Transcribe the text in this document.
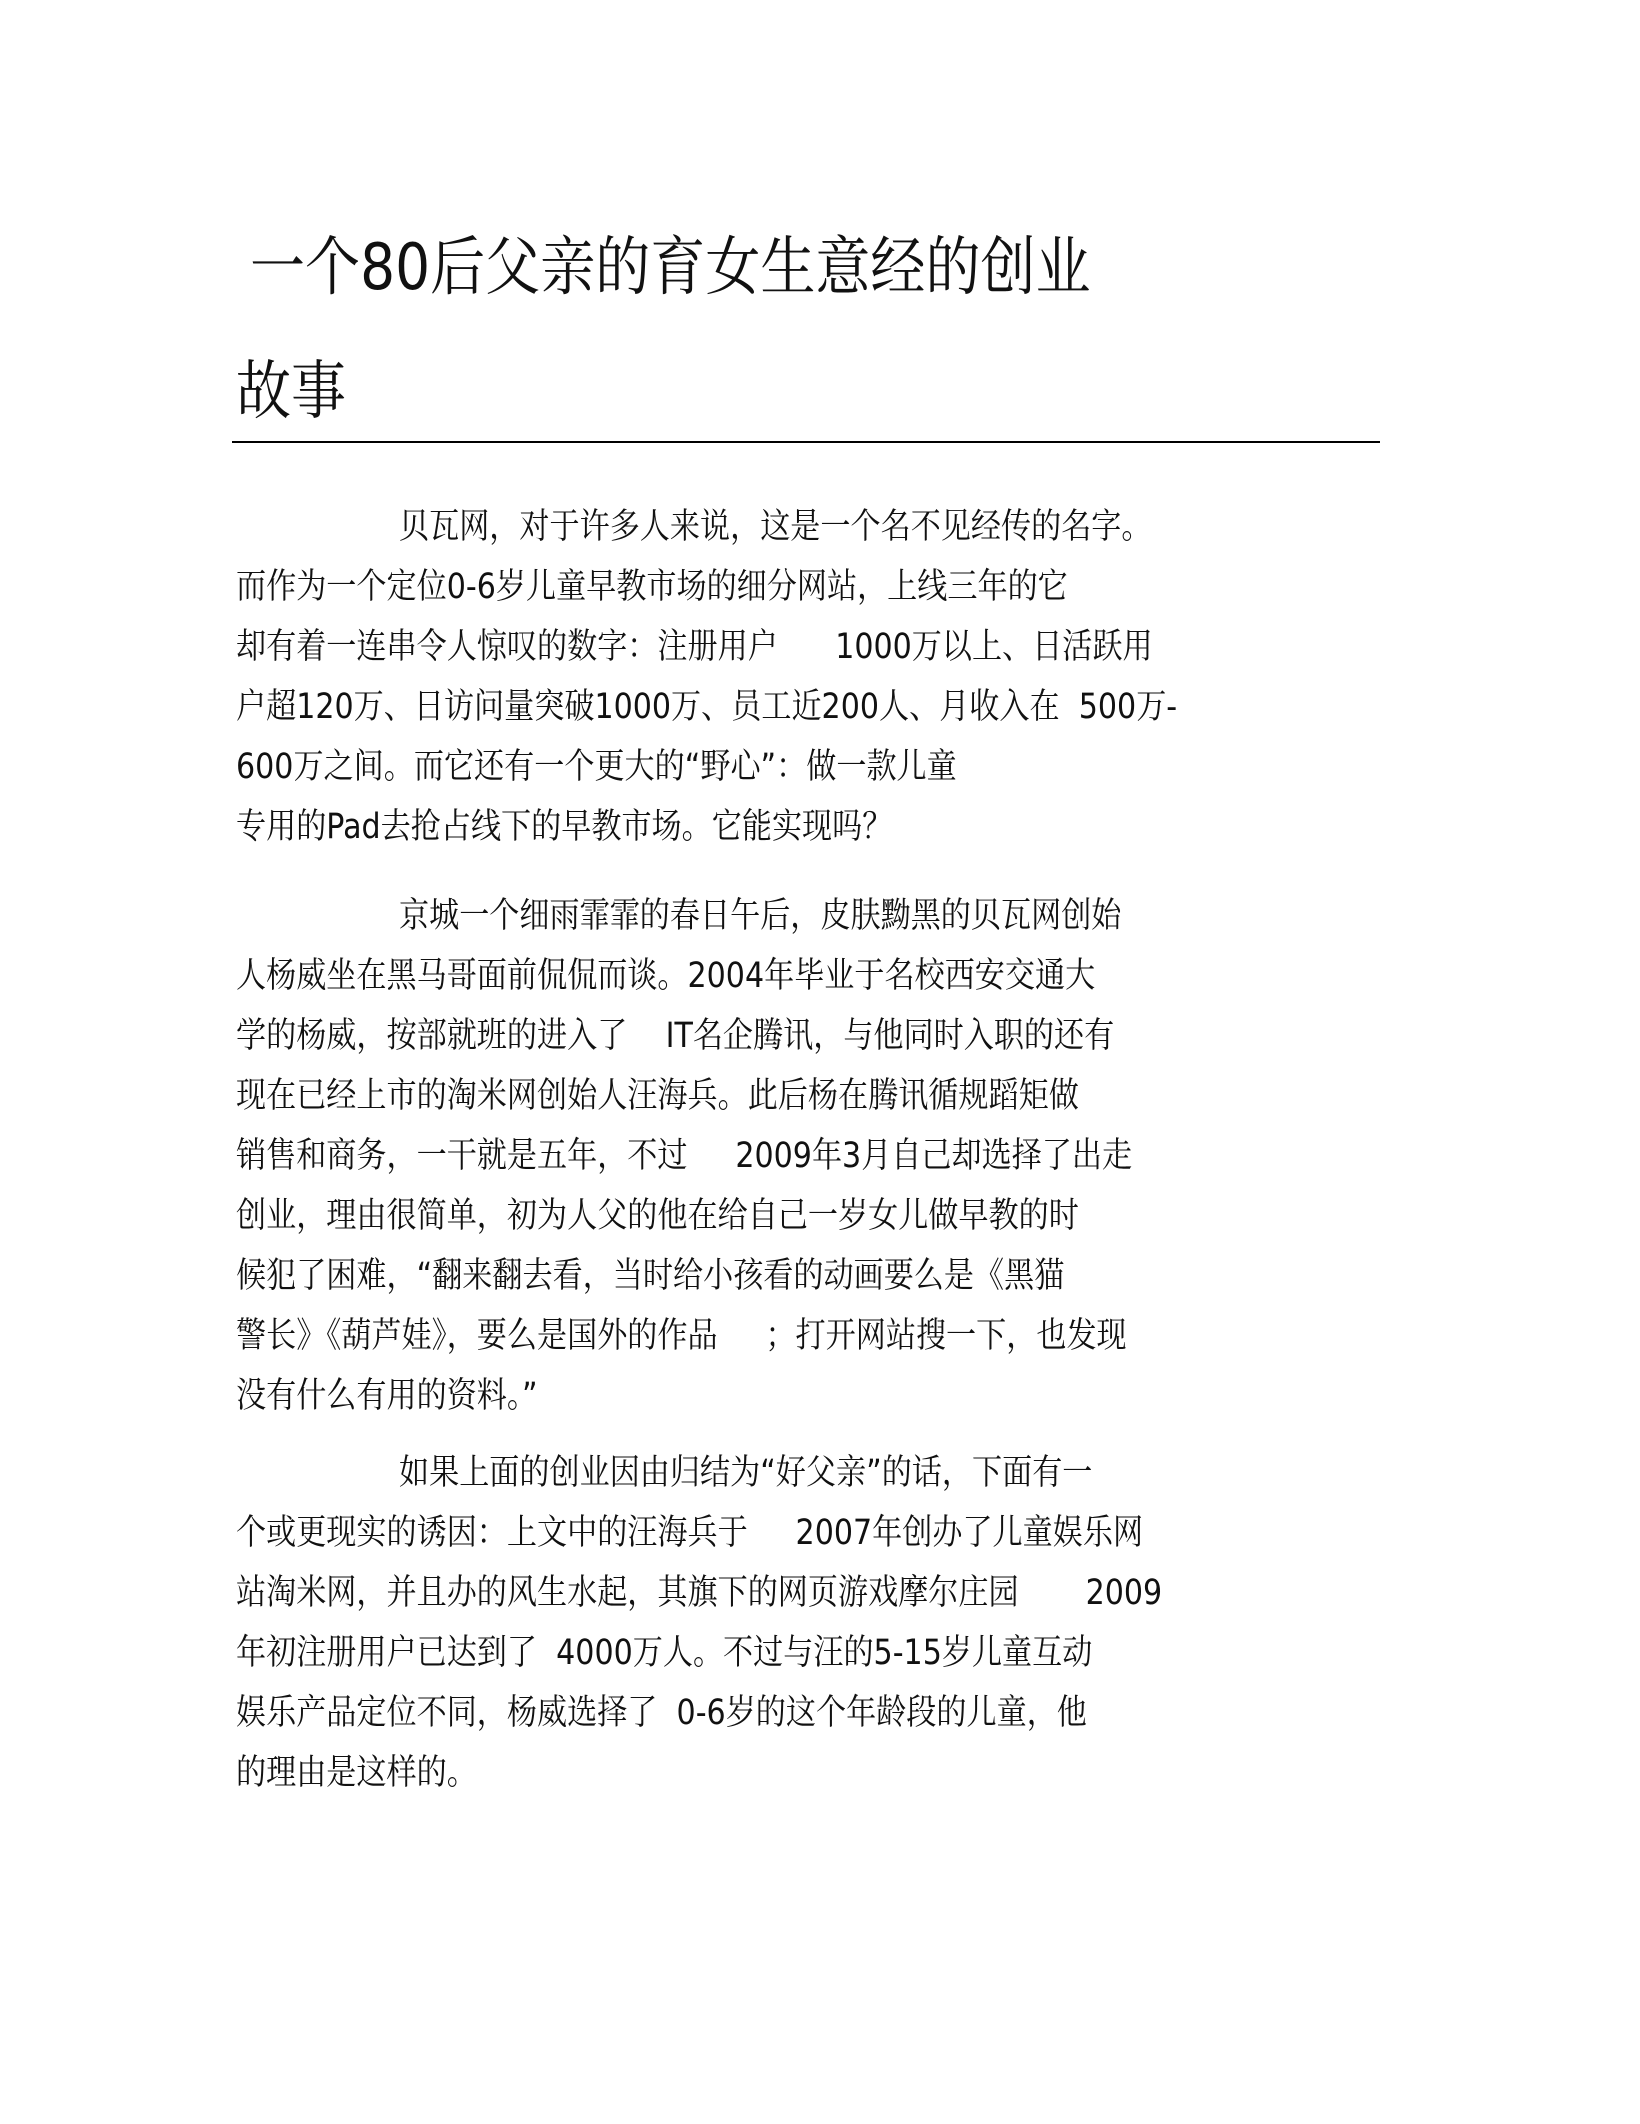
一个80后父亲的育女生意经的创业
故事
贝瓦网，对于许多人来说，这是一个名不见经传的名字。
而作为一个定位0-6岁儿童早教市场的细分网站，上线三年的它
却有着一连串令人惊叹的数字：注册用户      1000万以上、日活跃用
户超120万、日访问量突破1000万、员工近200人、月收入在  500万-
600万之间。而它还有一个更大的“野心”：做一款儿童
专用的Pad去抢占线下的早教市场。它能实现吗？
京城一个细雨霏霏的春日午后，皮肤黝黑的贝瓦网创始
人杨威坐在黑马哥面前侃侃而谈。2004年毕业于名校西安交通大
学的杨威，按部就班的进入了    IT名企腾讯，与他同时入职的还有
现在已经上市的淘米网创始人汪海兵。此后杨在腾讯循规蹈矩做
销售和商务，一干就是五年，不过     2009年3月自己却选择了出走
创业，理由很简单，初为人父的他在给自己一岁女儿做早教的时
候犯了困难，“翻来翻去看，当时给小孩看的动画要么是《黑猫
警长》《葫芦娃》，要么是国外的作品     ；打开网站搜一下，也发现
没有什么有用的资料。”
如果上面的创业因由归结为“好父亲”的话，下面有一
个或更现实的诱因：上文中的汪海兵于     2007年创办了儿童娱乐网
站淘米网，并且办的风生水起，其旗下的网页游戏摩尔庄园       2009
年初注册用户已达到了  4000万人。不过与汪的5-15岁儿童互动
娱乐产品定位不同，杨威选择了  0-6岁的这个年龄段的儿童，他
的理由是这样的。
